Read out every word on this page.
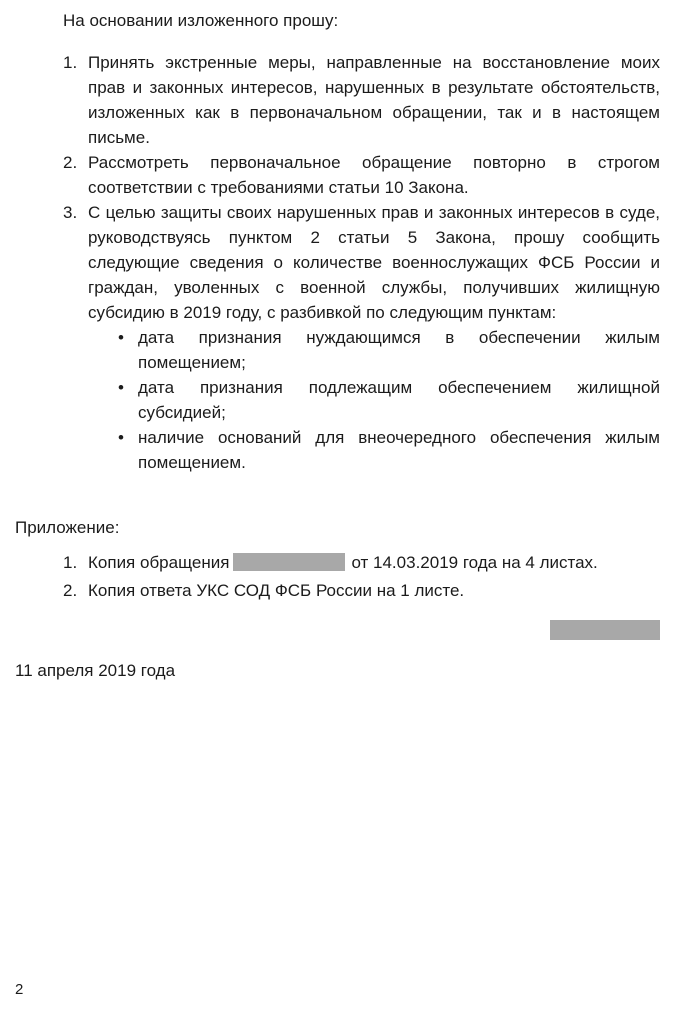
На основании изложенного прошу:

1. Принять экстренные меры, направленные на восстановление моих прав и законных интересов, нарушенных в результате обстоятельств, изложенных как в первоначальном обращении, так и в настоящем письме.
2. Рассмотреть первоначальное обращение повторно в строгом соответствии с требованиями статьи 10 Закона.
3. С целью защиты своих нарушенных прав и законных интересов в суде, руководствуясь пунктом 2 статьи 5 Закона, прошу сообщить следующие сведения о количестве военнослужащих ФСБ России и граждан, уволенных с военной службы, получивших жилищную субсидию в 2019 году, с разбивкой по следующим пунктам:
• дата признания нуждающимся в обеспечении жилым помещением;
• дата признания подлежащим обеспечением жилищной субсидией;
• наличие оснований для внеочередного обеспечения жилым помещением.

Приложение:

1. Копия обращения	от 14.03.2019 года на 4 листах.
2. Копия ответа УКС СОД ФСБ России на 1 листе.

11 апреля 2019 года

2
